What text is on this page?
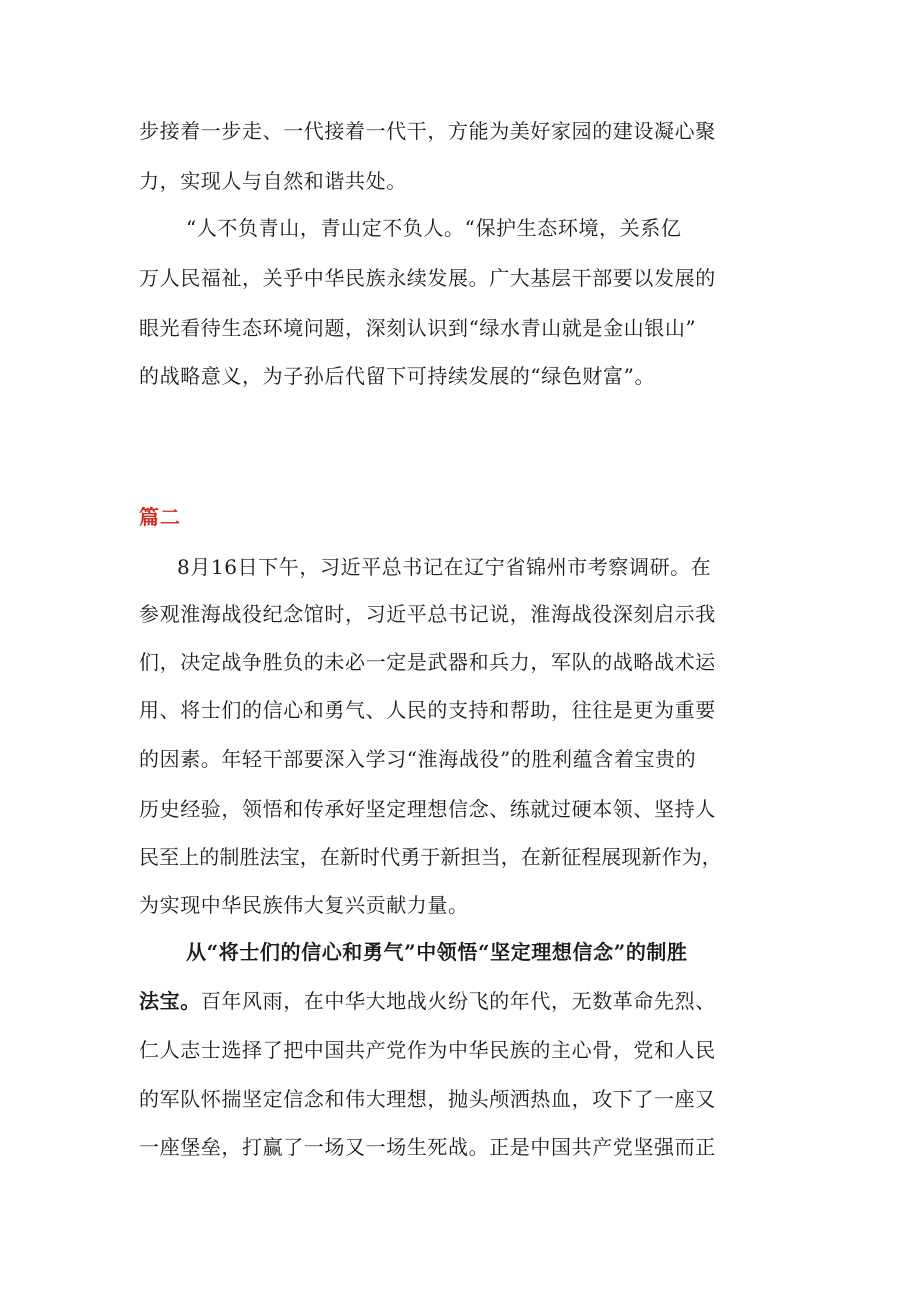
步接着一步走、一代接着一代干，方能为美好家园的建设凝心聚
力，实现人与自然和谐共处。
“人不负青山，青山定不负人。“保护生态环境，关系亿
万人民福祉，关乎中华民族永续发展。广大基层干部要以发展的
眼光看待生态环境问题，深刻认识到“绿水青山就是金山银山”
的战略意义，为子孙后代留下可持续发展的“绿色财富”。
篇二
8月16日下午，习近平总书记在辽宁省锦州市考察调研。在
参观淮海战役纪念馆时，习近平总书记说，淮海战役深刻启示我
们，决定战争胜负的未必一定是武器和兵力，军队的战略战术运
用、将士们的信心和勇气、人民的支持和帮助，往往是更为重要
的因素。年轻干部要深入学习“淮海战役”的胜利蕴含着宝贵的
历史经验，领悟和传承好坚定理想信念、练就过硬本领、坚持人
民至上的制胜法宝，在新时代勇于新担当，在新征程展现新作为，
为实现中华民族伟大复兴贡献力量。
从“将士们的信心和勇气”中领悟“坚定理想信念”的制胜
法宝。百年风雨，在中华大地战火纷飞的年代，无数革命先烈、
仁人志士选择了把中国共产党作为中华民族的主心骨，党和人民
的军队怀揣坚定信念和伟大理想，抛头颅洒热血，攻下了一座又
一座堡垒，打赢了一场又一场生死战。正是中国共产党坚强而正
